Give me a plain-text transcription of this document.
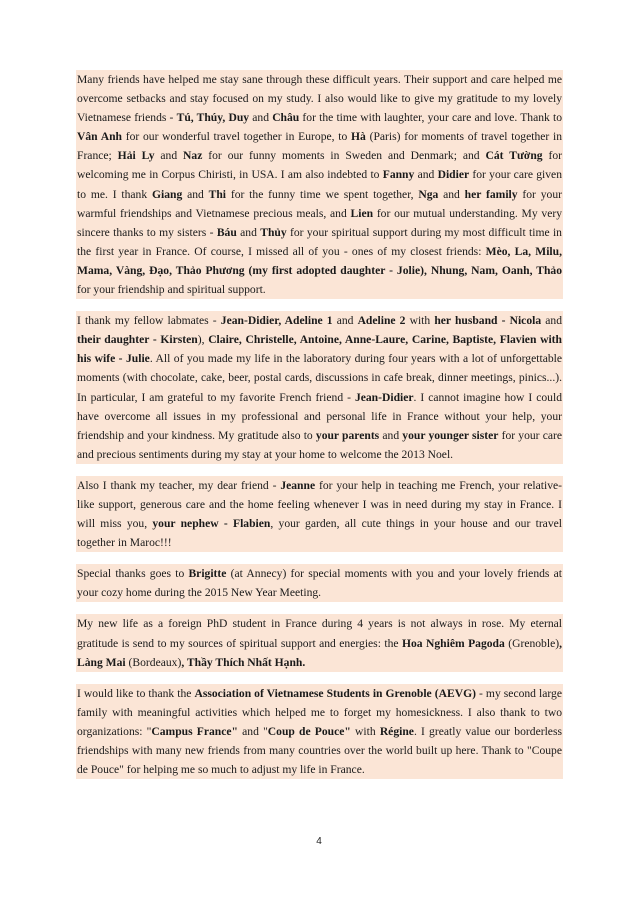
Many friends have helped me stay sane through these difficult years. Their support and care helped me overcome setbacks and stay focused on my study. I also would like to give my gratitude to my lovely Vietnamese friends - Tú, Thúy, Duy and Châu for the time with laughter, your care and love. Thank to Vân Anh for our wonderful travel together in Europe, to Hà (Paris) for moments of travel together in France; Hải Ly and Naz for our funny moments in Sweden and Denmark; and Cát Tường for welcoming me in Corpus Chiristi, in USA. I am also indebted to Fanny and Didier for your care given to me. I thank Giang and Thi for the funny time we spent together, Nga and her family for your warmful friendships and Vietnamese precious meals, and Lien for our mutual understanding. My very sincere thanks to my sisters - Báu and Thủy for your spiritual support during my most difficult time in the first year in France. Of course, I missed all of you - ones of my closest friends: Mèo, La, Milu, Mama, Vàng, Đạo, Thảo Phương (my first adopted daughter - Jolie), Nhung, Nam, Oanh, Thảo for your friendship and spiritual support.

I thank my fellow labmates - Jean-Didier, Adeline 1 and Adeline 2 with her husband - Nicola and their daughter - Kirsten), Claire, Christelle, Antoine, Anne-Laure, Carine, Baptiste, Flavien with his wife - Julie. All of you made my life in the laboratory during four years with a lot of unforgettable moments (with chocolate, cake, beer, postal cards, discussions in cafe break, dinner meetings, pinics...). In particular, I am grateful to my favorite French friend - Jean-Didier. I cannot imagine how I could have overcome all issues in my professional and personal life in France without your help, your friendship and your kindness. My gratitude also to your parents and your younger sister for your care and precious sentiments during my stay at your home to welcome the 2013 Noel.

Also I thank my teacher, my dear friend - Jeanne for your help in teaching me French, your relative-like support, generous care and the home feeling whenever I was in need during my stay in France. I will miss you, your nephew - Flabien, your garden, all cute things in your house and our travel together in Maroc!!!

Special thanks goes to Brigitte (at Annecy) for special moments with you and your lovely friends at your cozy home during the 2015 New Year Meeting.

My new life as a foreign PhD student in France during 4 years is not always in rose. My eternal gratitude is send to my sources of spiritual support and energies: the Hoa Nghiêm Pagoda (Grenoble), Làng Mai (Bordeaux), Thầy Thích Nhất Hạnh.

I would like to thank the Association of Vietnamese Students in Grenoble (AEVG) - my second large family with meaningful activities which helped me to forget my homesickness. I also thank to two organizations: "Campus France" and "Coup de Pouce" with Régine. I greatly value our borderless friendships with many new friends from many countries over the world built up here. Thank to "Coupe de Pouce" for helping me so much to adjust my life in France.

4
